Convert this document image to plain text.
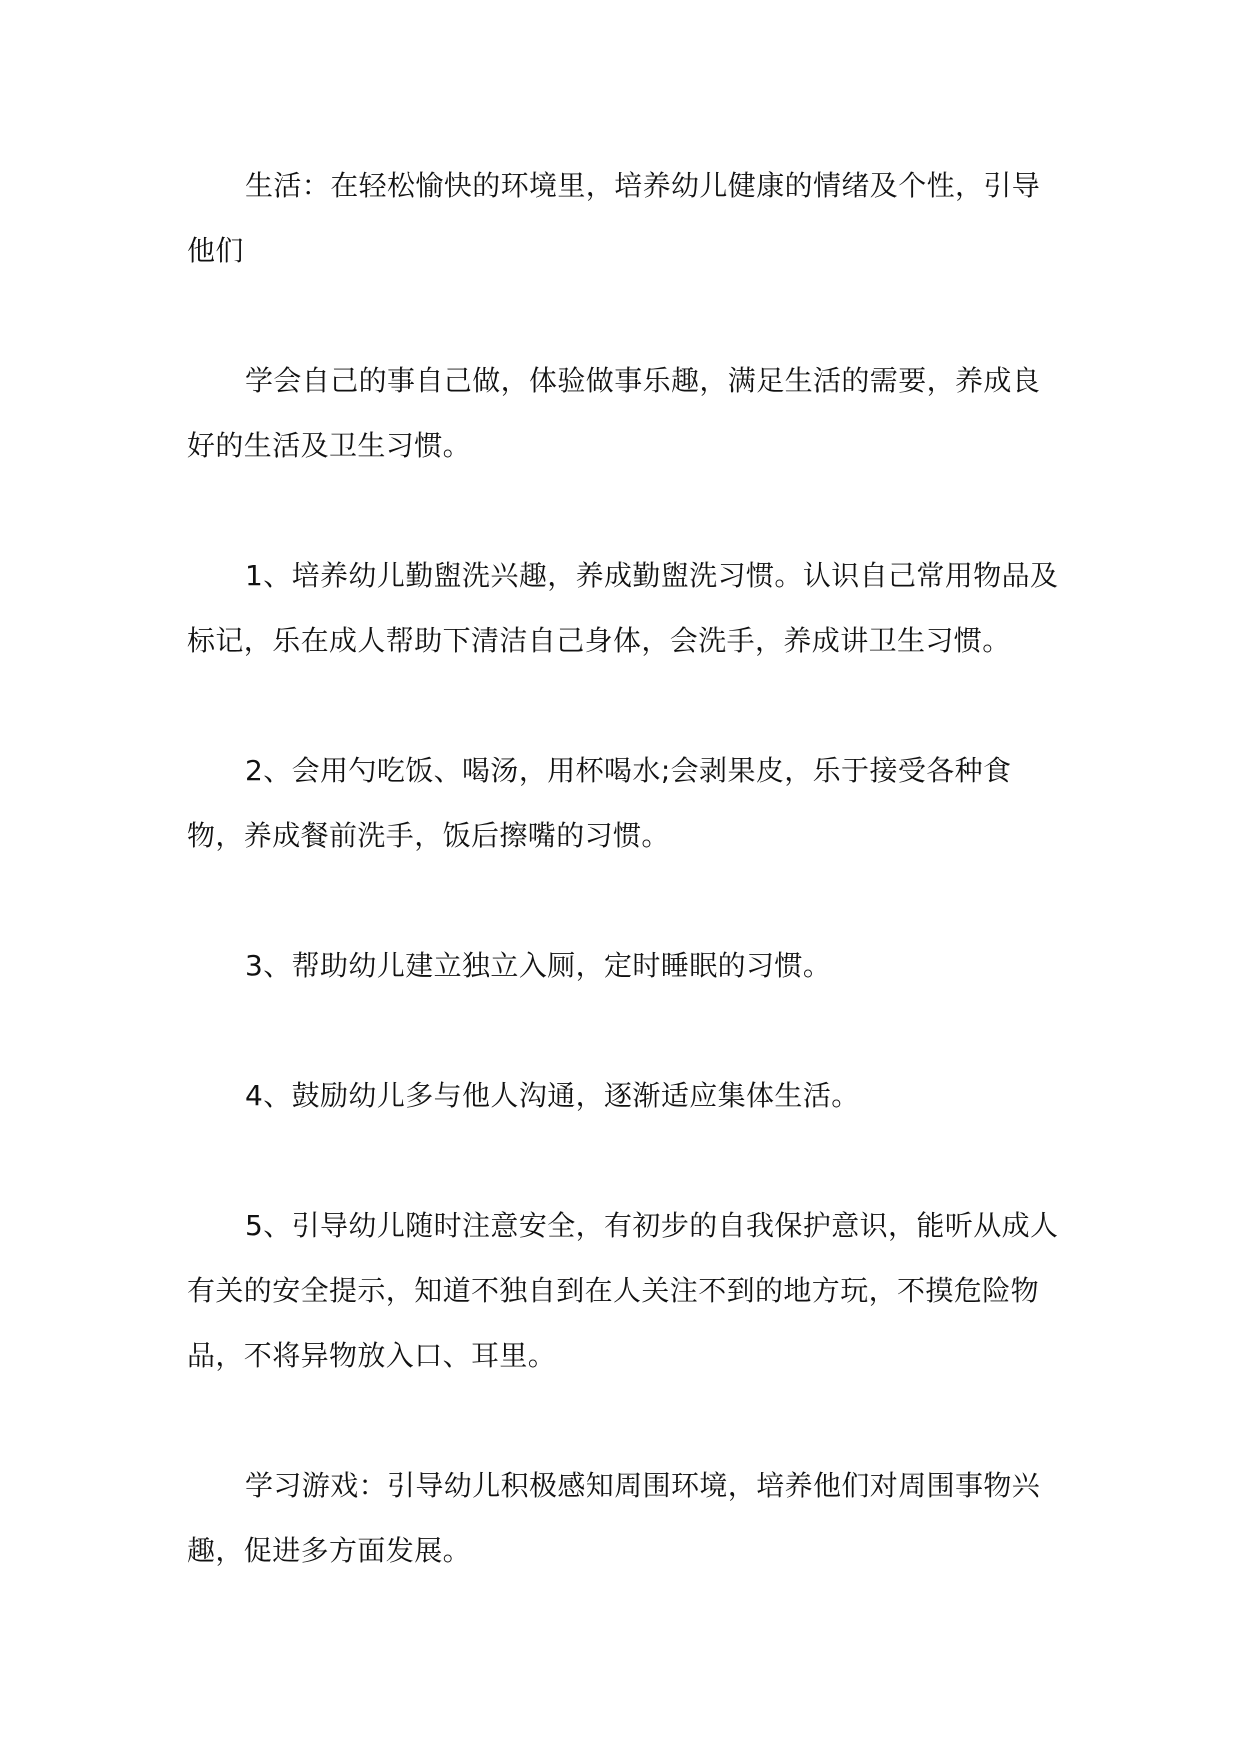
生活：在轻松愉快的环境里，培养幼儿健康的情绪及个性，引导他们

学会自己的事自己做，体验做事乐趣，满足生活的需要，养成良好的生活及卫生习惯。

1、培养幼儿勤盥洗兴趣，养成勤盥洗习惯。认识自己常用物品及标记，乐在成人帮助下清洁自己身体，会洗手，养成讲卫生习惯。

2、会用勺吃饭、喝汤，用杯喝水;会剥果皮，乐于接受各种食物，养成餐前洗手，饭后擦嘴的习惯。

3、帮助幼儿建立独立入厕，定时睡眠的习惯。

4、鼓励幼儿多与他人沟通，逐渐适应集体生活。

5、引导幼儿随时注意安全，有初步的自我保护意识，能听从成人有关的安全提示，知道不独自到在人关注不到的地方玩，不摸危险物品，不将异物放入口、耳里。

学习游戏：引导幼儿积极感知周围环境，培养他们对周围事物兴趣，促进多方面发展。
